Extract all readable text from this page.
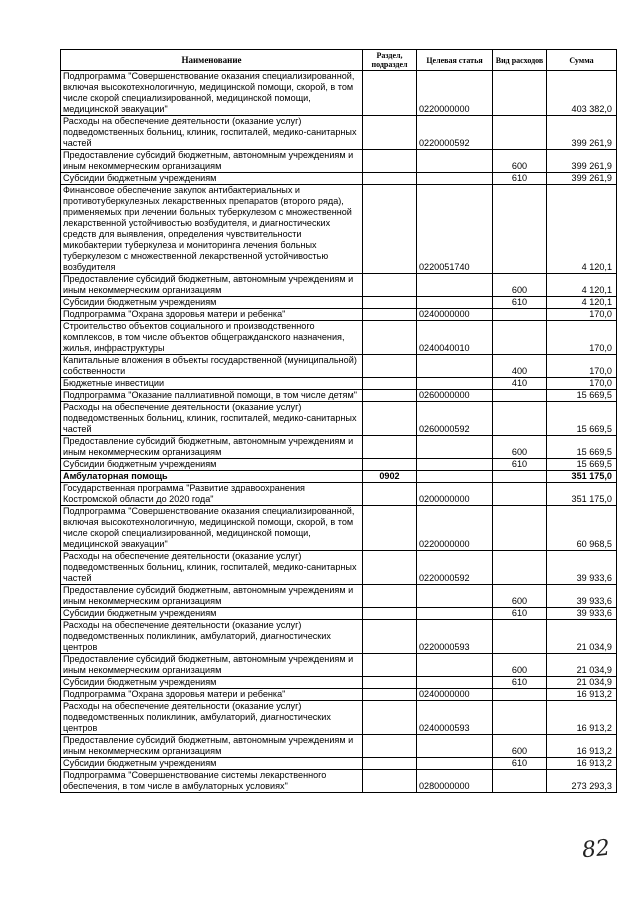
Наименование	Раздел, подраздел	Целевая статья	Вид расходов	Сумма
Подпрограмма "Совершенствование оказания специализированной, включая высокотехнологичную, медицинской помощи, скорой, в том числе скорой специализированной, медицинской помощи, медицинской эвакуации"		0220000000		403 382,0
Расходы на обеспечение деятельности (оказание услуг) подведомственных больниц, клиник, госпиталей, медико-санитарных частей		0220000592		399 261,9
Предоставление субсидий бюджетным, автономным учреждениям и иным некоммерческим организациям			600	399 261,9
Субсидии бюджетным учреждениям			610	399 261,9
Финансовое обеспечение закупок антибактериальных и противотуберкулезных лекарственных препаратов (второго ряда), применяемых при лечении больных туберкулезом с множественной лекарственной устойчивостью возбудителя, и диагностических средств для выявления, определения чувствительности микобактерии туберкулеза и мониторинга лечения больных туберкулезом с множественной лекарственной устойчивостью возбудителя		0220051740		4 120,1
Предоставление субсидий бюджетным, автономным учреждениям и иным некоммерческим организациям			600	4 120,1
Субсидии бюджетным учреждениям			610	4 120,1
Подпрограмма "Охрана здоровья матери и ребенка"		0240000000		170,0
Строительство объектов социального и производственного комплексов, в том числе объектов общегражданского назначения, жилья, инфраструктуры		0240040010		170,0
Капитальные вложения в объекты государственной (муниципальной) собственности			400	170,0
Бюджетные инвестиции			410	170,0
Подпрограмма "Оказание паллиативной помощи, в том числе детям"		0260000000		15 669,5
Расходы на обеспечение деятельности (оказание услуг) подведомственных больниц, клиник, госпиталей, медико-санитарных частей		0260000592		15 669,5
Предоставление субсидий бюджетным, автономным учреждениям и иным некоммерческим организациям			600	15 669,5
Субсидии бюджетным учреждениям			610	15 669,5
Амбулаторная помощь	0902			351 175,0
Государственная программа "Развитие здравоохранения Костромской области до 2020 года"		0200000000		351 175,0
Подпрограмма "Совершенствование оказания специализированной, включая высокотехнологичную, медицинской помощи, скорой, в том числе скорой специализированной, медицинской помощи, медицинской эвакуации"		0220000000		60 968,5
Расходы на обеспечение деятельности (оказание услуг) подведомственных больниц, клиник, госпиталей, медико-санитарных частей		0220000592		39 933,6
Предоставление субсидий бюджетным, автономным учреждениям и иным некоммерческим организациям			600	39 933,6
Субсидии бюджетным учреждениям			610	39 933,6
Расходы на обеспечение деятельности (оказание услуг) подведомственных поликлиник, амбулаторий, диагностических центров		0220000593		21 034,9
Предоставление субсидий бюджетным, автономным учреждениям и иным некоммерческим организациям			600	21 034,9
Субсидии бюджетным учреждениям			610	21 034,9
Подпрограмма "Охрана здоровья матери и ребенка"		0240000000		16 913,2
Расходы на обеспечение деятельности (оказание услуг) подведомственных поликлиник, амбулаторий, диагностических центров		0240000593		16 913,2
Предоставление субсидий бюджетным, автономным учреждениям и иным некоммерческим организациям			600	16 913,2
Субсидии бюджетным учреждениям			610	16 913,2
Подпрограмма "Совершенствование системы лекарственного обеспечения, в том числе в амбулаторных условиях"		0280000000		273 293,3
82
